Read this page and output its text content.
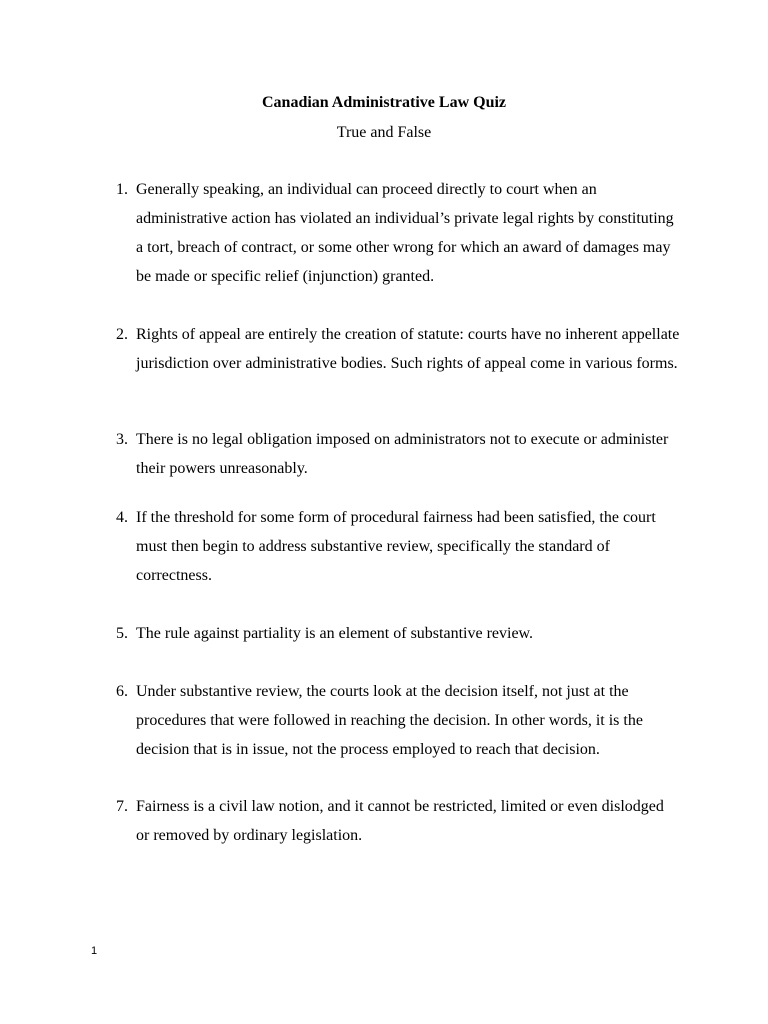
Canadian Administrative Law Quiz
True and False
1. Generally speaking, an individual can proceed directly to court when an administrative action has violated an individual’s private legal rights by constituting a tort, breach of contract, or some other wrong for which an award of damages may be made or specific relief (injunction) granted.
2. Rights of appeal are entirely the creation of statute: courts have no inherent appellate jurisdiction over administrative bodies. Such rights of appeal come in various forms.
3. There is no legal obligation imposed on administrators not to execute or administer their powers unreasonably.
4. If the threshold for some form of procedural fairness had been satisfied, the court must then begin to address substantive review, specifically the standard of correctness.
5. The rule against partiality is an element of substantive review.
6. Under substantive review, the courts look at the decision itself, not just at the procedures that were followed in reaching the decision. In other words, it is the decision that is in issue, not the process employed to reach that decision.
7. Fairness is a civil law notion, and it cannot be restricted, limited or even dislodged or removed by ordinary legislation.
1
